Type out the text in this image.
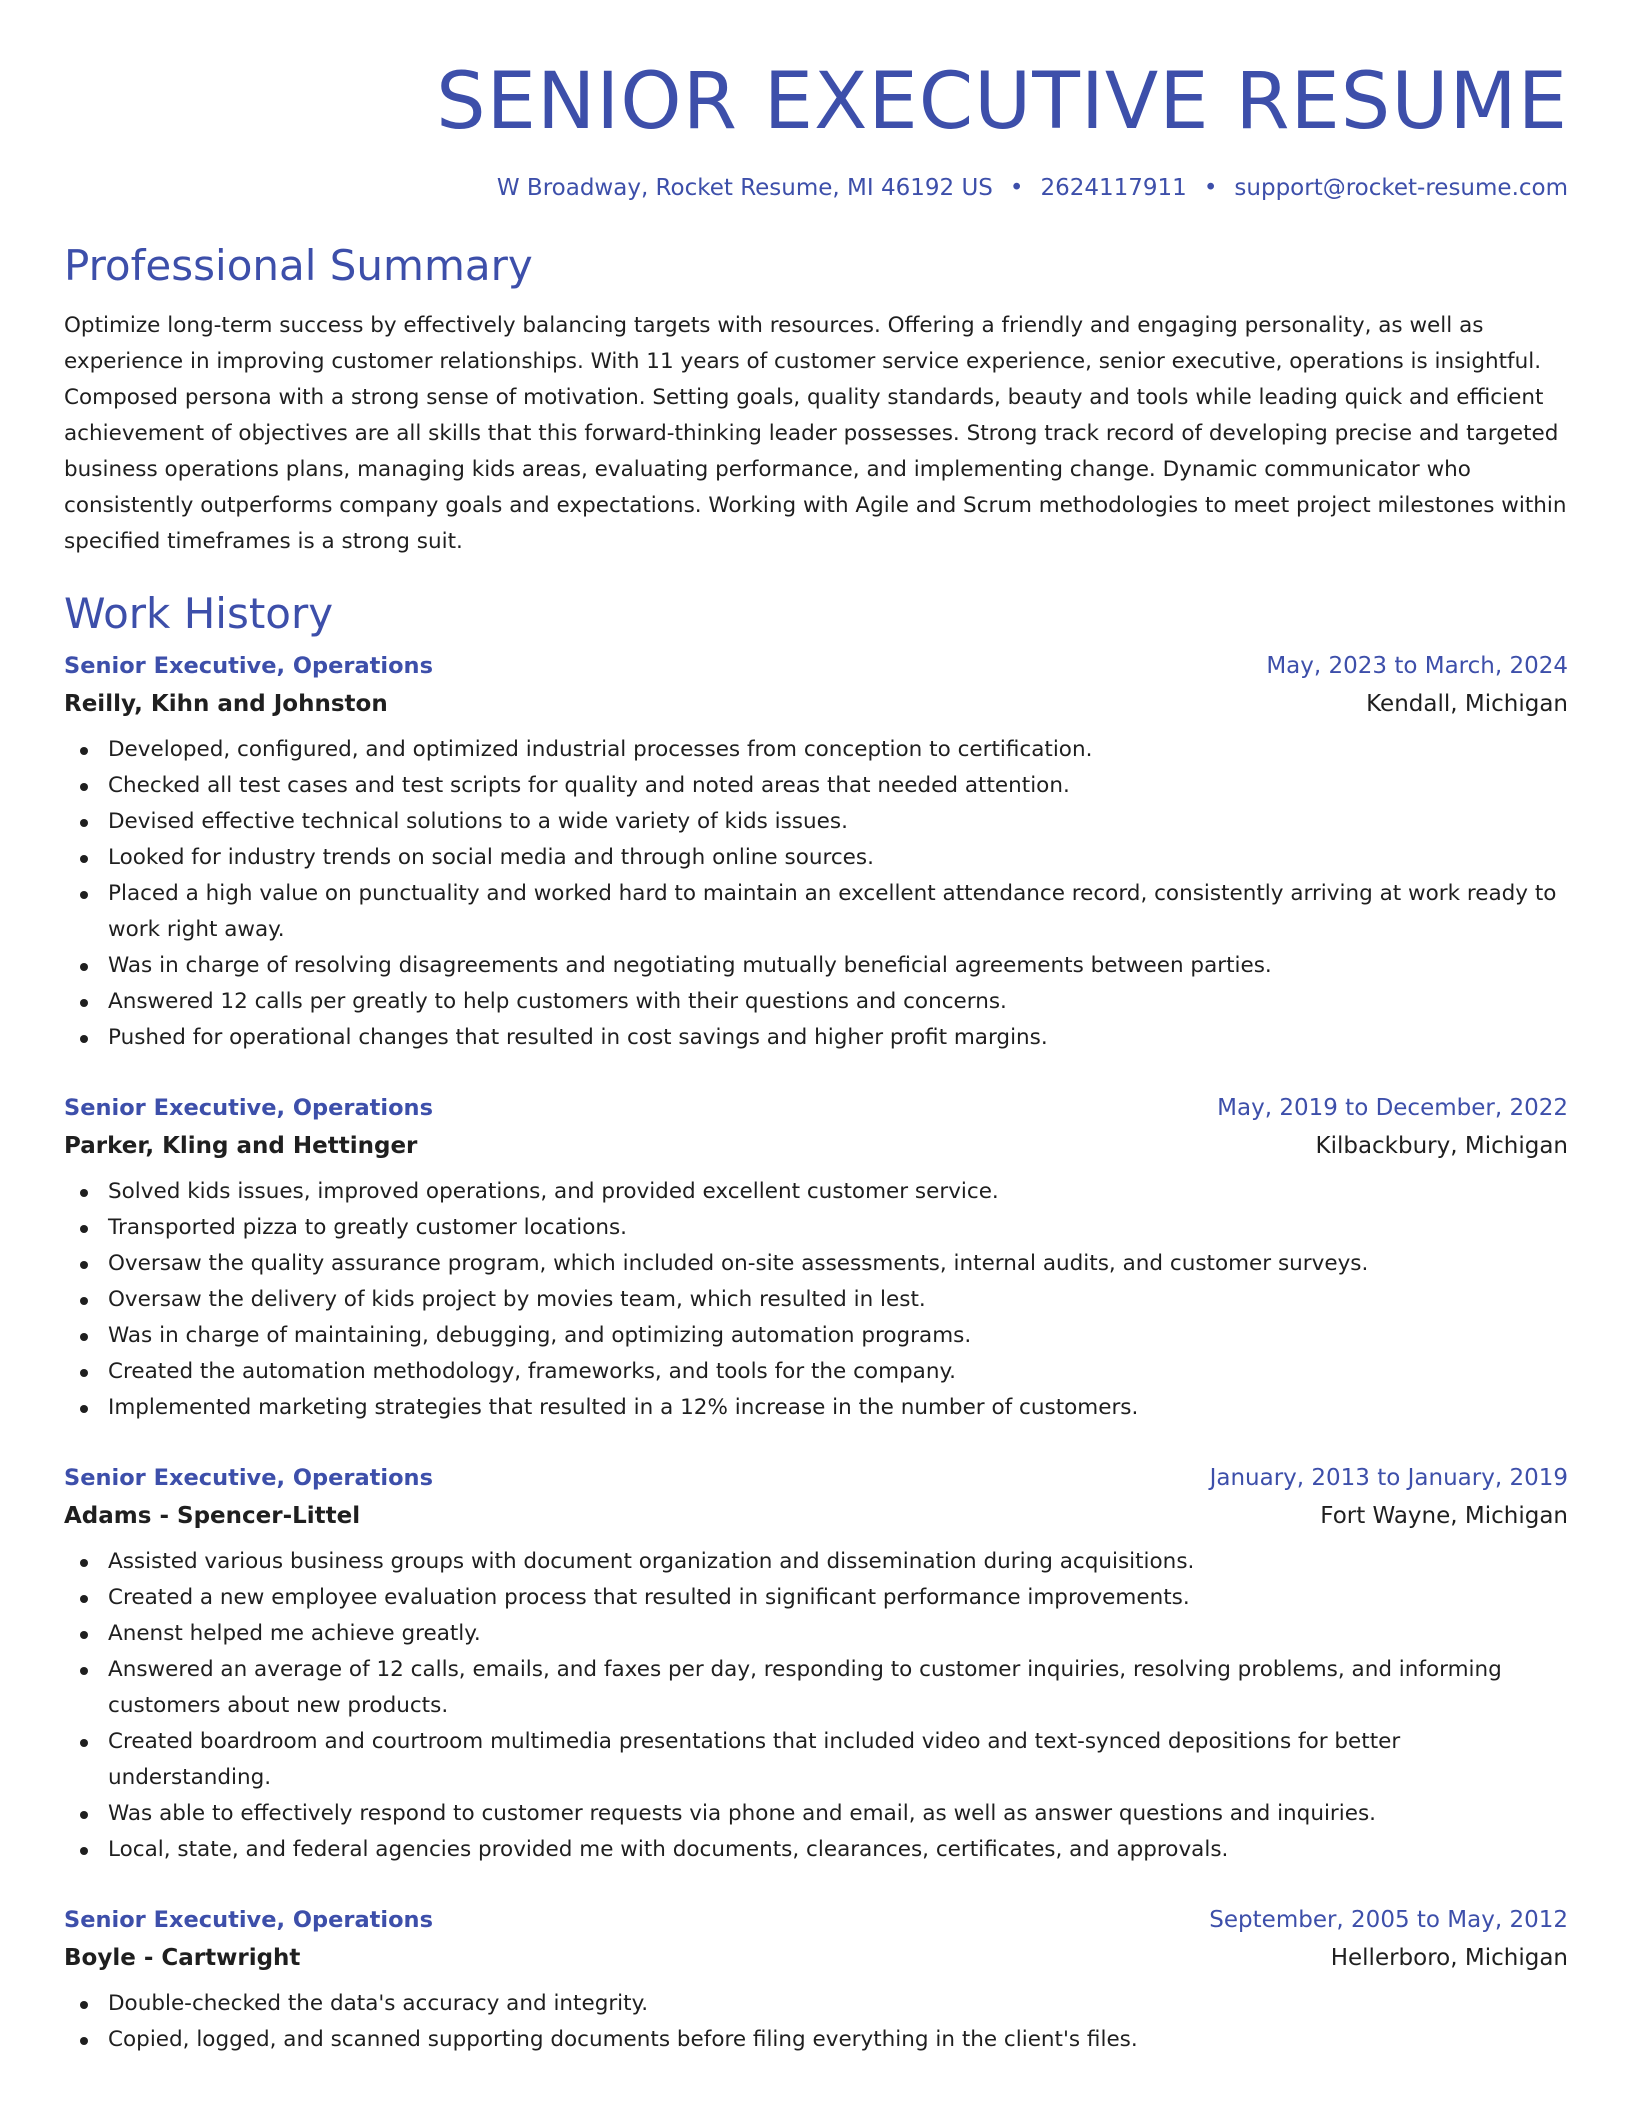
SENIOR EXECUTIVE RESUME
W Broadway, Rocket Resume, MI 46192 US • 2624117911 • support@rocket-resume.com
Professional Summary
Optimize long-term success by effectively balancing targets with resources. Offering a friendly and engaging personality, as well as experience in improving customer relationships. With 11 years of customer service experience, senior executive, operations is insightful. Composed persona with a strong sense of motivation. Setting goals, quality standards, beauty and tools while leading quick and efficient achievement of objectives are all skills that this forward-thinking leader possesses. Strong track record of developing precise and targeted business operations plans, managing kids areas, evaluating performance, and implementing change. Dynamic communicator who consistently outperforms company goals and expectations. Working with Agile and Scrum methodologies to meet project milestones within specified timeframes is a strong suit.
Work History
Senior Executive, Operations	May, 2023 to March, 2024
Reilly, Kihn and Johnston	Kendall, Michigan
Developed, configured, and optimized industrial processes from conception to certification.
Checked all test cases and test scripts for quality and noted areas that needed attention.
Devised effective technical solutions to a wide variety of kids issues.
Looked for industry trends on social media and through online sources.
Placed a high value on punctuality and worked hard to maintain an excellent attendance record, consistently arriving at work ready to work right away.
Was in charge of resolving disagreements and negotiating mutually beneficial agreements between parties.
Answered 12 calls per greatly to help customers with their questions and concerns.
Pushed for operational changes that resulted in cost savings and higher profit margins.
Senior Executive, Operations	May, 2019 to December, 2022
Parker, Kling and Hettinger	Kilbackbury, Michigan
Solved kids issues, improved operations, and provided excellent customer service.
Transported pizza to greatly customer locations.
Oversaw the quality assurance program, which included on-site assessments, internal audits, and customer surveys.
Oversaw the delivery of kids project by movies team, which resulted in lest.
Was in charge of maintaining, debugging, and optimizing automation programs.
Created the automation methodology, frameworks, and tools for the company.
Implemented marketing strategies that resulted in a 12% increase in the number of customers.
Senior Executive, Operations	January, 2013 to January, 2019
Adams - Spencer-Littel	Fort Wayne, Michigan
Assisted various business groups with document organization and dissemination during acquisitions.
Created a new employee evaluation process that resulted in significant performance improvements.
Anenst helped me achieve greatly.
Answered an average of 12 calls, emails, and faxes per day, responding to customer inquiries, resolving problems, and informing customers about new products.
Created boardroom and courtroom multimedia presentations that included video and text-synced depositions for better understanding.
Was able to effectively respond to customer requests via phone and email, as well as answer questions and inquiries.
Local, state, and federal agencies provided me with documents, clearances, certificates, and approvals.
Senior Executive, Operations	September, 2005 to May, 2012
Boyle - Cartwright	Hellerboro, Michigan
Double-checked the data's accuracy and integrity.
Copied, logged, and scanned supporting documents before filing everything in the client's files.
